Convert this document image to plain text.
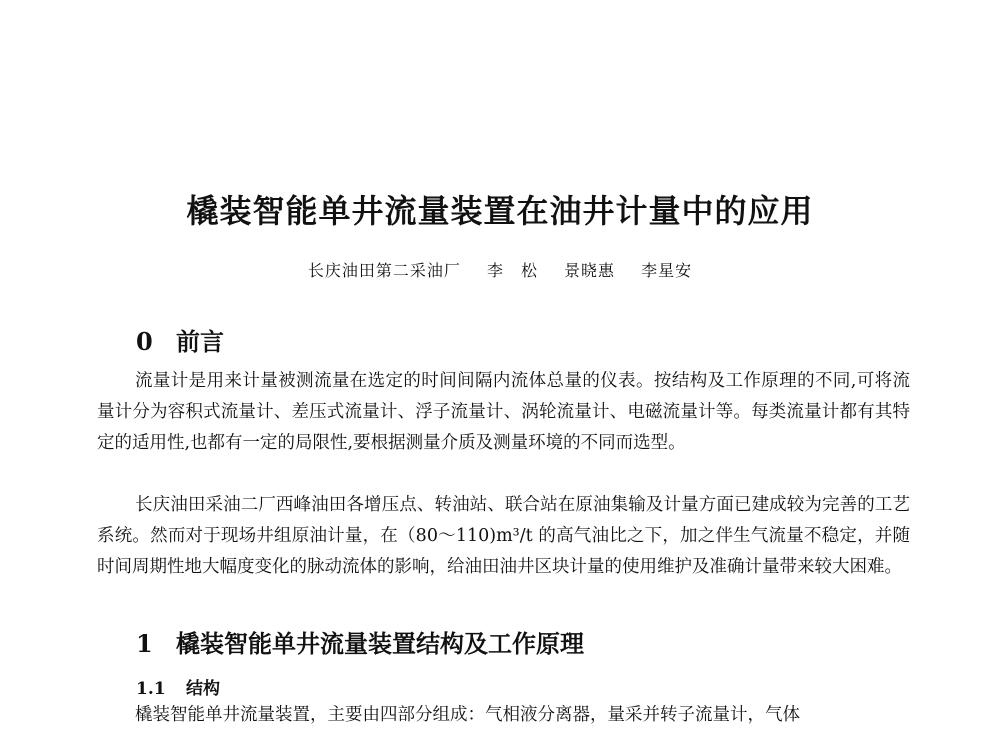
橇装智能单井流量装置在油井计量中的应用
长庆油田第二采油厂 李　松 景晓惠 李星安
0 前言
流量计是用来计量被测流量在选定的时间间隔内流体总量的仪表。按结构及工作原理的不同,可将流量计分为容积式流量计、差压式流量计、浮子流量计、涡轮流量计、电磁流量计等。每类流量计都有其特定的适用性,也都有一定的局限性,要根据测量介质及测量环境的不同而选型。
长庆油田采油二厂西峰油田各增压点、转油站、联合站在原油集输及计量方面已建成较为完善的工艺系统。然而对于现场井组原油计量，在（80～110)m³/t 的高气油比之下，加之伴生气流量不稳定，并随时间周期性地大幅度变化的脉动流体的影响，给油田油井区块计量的使用维护及准确计量带来较大困难。
1 橇装智能单井流量装置结构及工作原理
1.1 结构
橇装智能单井流量装置，主要由四部分组成：气相液分离器，量采并转子流量计，气体
